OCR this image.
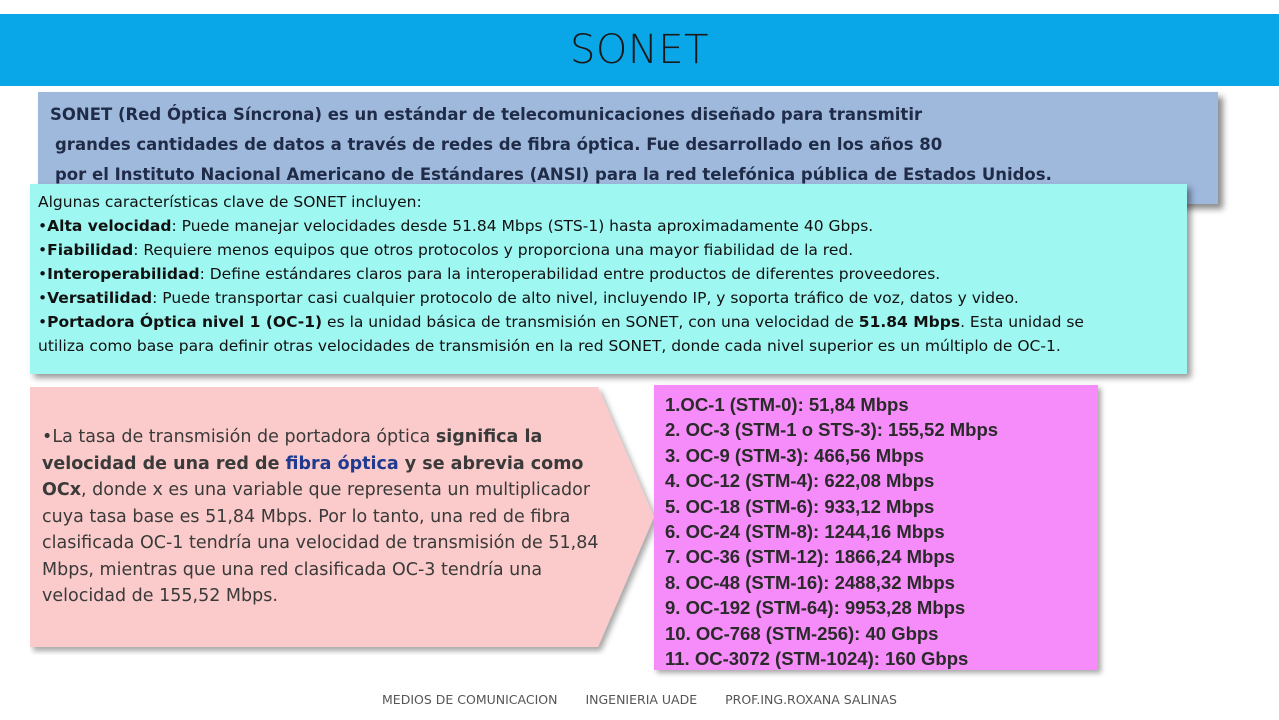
SONET

SONET (Red Óptica Síncrona) es un estándar de telecomunicaciones diseñado para transmitir
grandes cantidades de datos a través de redes de fibra óptica. Fue desarrollado en los años 80
por el Instituto Nacional Americano de Estándares (ANSI) para la red telefónica pública de Estados Unidos.

Algunas características clave de SONET incluyen:
•Alta velocidad: Puede manejar velocidades desde 51.84 Mbps (STS-1) hasta aproximadamente 40 Gbps.
•Fiabilidad: Requiere menos equipos que otros protocolos y proporciona una mayor fiabilidad de la red.
•Interoperabilidad: Define estándares claros para la interoperabilidad entre productos de diferentes proveedores.
•Versatilidad: Puede transportar casi cualquier protocolo de alto nivel, incluyendo IP, y soporta tráfico de voz, datos y video.
•Portadora Óptica nivel 1 (OC-1) es la unidad básica de transmisión en SONET, con una velocidad de 51.84 Mbps. Esta unidad se
utiliza como base para definir otras velocidades de transmisión en la red SONET, donde cada nivel superior es un múltiplo de OC-1.
•La tasa de transmisión de portadora óptica significa la velocidad de una red de fibra óptica y se abrevia como OCx, donde x es una variable que representa un multiplicador cuya tasa base es 51,84 Mbps. Por lo tanto, una red de fibra clasificada OC-1 tendría una velocidad de transmisión de 51,84 Mbps, mientras que una red clasificada OC-3 tendría una velocidad de 155,52 Mbps.
1.OC-1 (STM-0): 51,84 Mbps
2. OC-3 (STM-1 o STS-3): 155,52 Mbps
3. OC-9 (STM-3): 466,56 Mbps
4. OC-12 (STM-4): 622,08 Mbps
5. OC-18 (STM-6): 933,12 Mbps
6. OC-24 (STM-8): 1244,16 Mbps
7. OC-36 (STM-12): 1866,24 Mbps
8. OC-48 (STM-16): 2488,32 Mbps
9. OC-192 (STM-64): 9953,28 Mbps
10. OC-768 (STM-256): 40 Gbps
11. OC-3072 (STM-1024): 160 Gbps
MEDIOS DE COMUNICACION INGENIERIA UADE PROF.ING.ROXANA SALINAS
